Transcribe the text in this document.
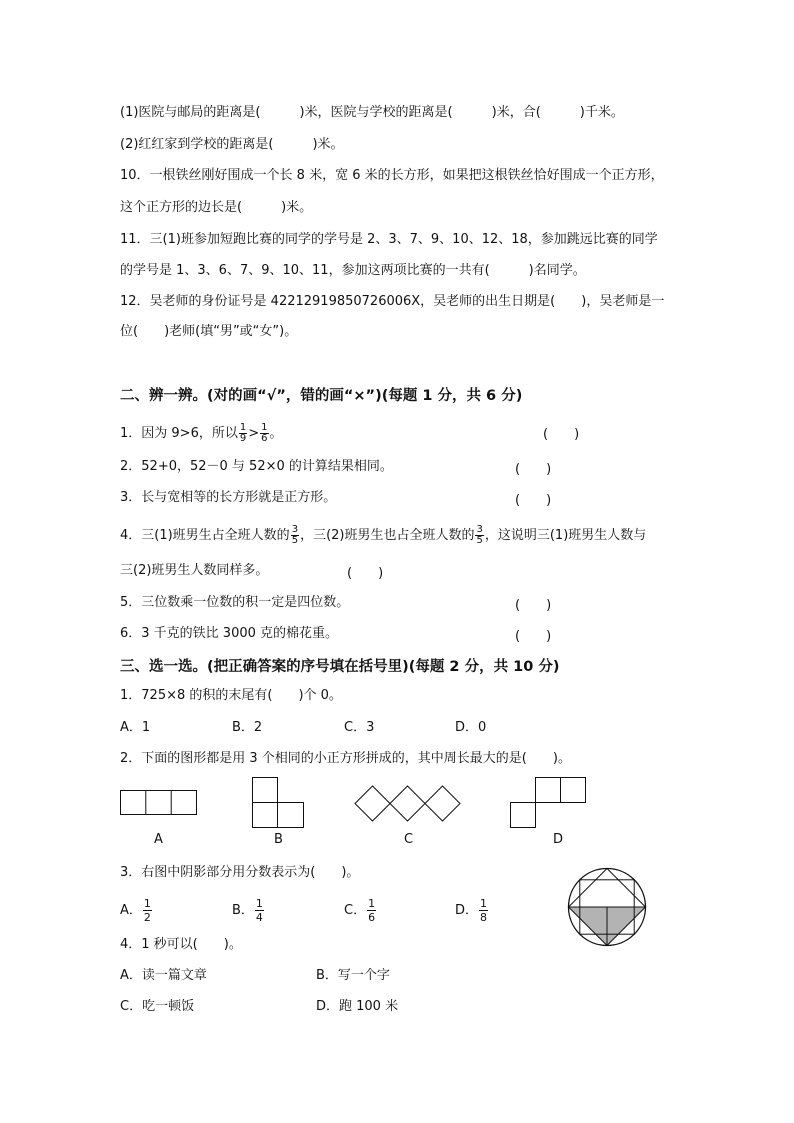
(1)医院与邮局的距离是(　　　)米，医院与学校的距离是(　　　)米，合(　　　)千米。
(2)红红家到学校的距离是(　　　)米。
10．一根铁丝刚好围成一个长 8 米，宽 6 米的长方形，如果把这根铁丝恰好围成一个正方形，
这个正方形的边长是(　　　)米。
11．三(1)班参加短跑比赛的同学的学号是 2、3、7、9、10、12、18，参加跳远比赛的同学
的学号是 1、3、6、7、9、10、11，参加这两项比赛的一共有(　　　)名同学。
12．吴老师的身份证号是 42212919850726006X，吴老师的出生日期是(　　)，吴老师是一
位(　　)老师(填“男”或“女”)。
二、辨一辨。(对的画“√”，错的画“×”)(每题 1 分，共 6 分)
1．因为 9>6，所以 $\frac{1}{9} > \frac{1}{6}$ 。	(　　)
2．52+0，52－0 与 52×0 的计算结果相同。	(　　)
3．长与宽相等的长方形就是正方形。	(　　)
4．三(1)班男生占全班人数的 $\frac{3}{5}$ ，三(2)班男生也占全班人数的 $\frac{3}{5}$ ，这说明三(1)班男生人数与
三(2)班男生人数同样多。	(　　)
5．三位数乘一位数的积一定是四位数。	(　　)
6．3 千克的铁比 3000 克的棉花重。	(　　)
三、选一选。(把正确答案的序号填在括号里)(每题 2 分，共 10 分)
1．725×8 的积的末尾有(　　)个 0。
A．1	B．2	C．3	D．0
2．下面的图形都是用 3 个相同的小正方形拼成的，其中周长最大的是(　　)。
A	B	C	D
3．右图中阴影部分用分数表示为(　　)。
A． $\frac{1}{2}$	B． $\frac{1}{4}$	C． $\frac{1}{6}$	D． $\frac{1}{8}$
4．1 秒可以(　　)。
A．读一篇文章	B．写一个字
C．吃一顿饭	D．跑 100 米
